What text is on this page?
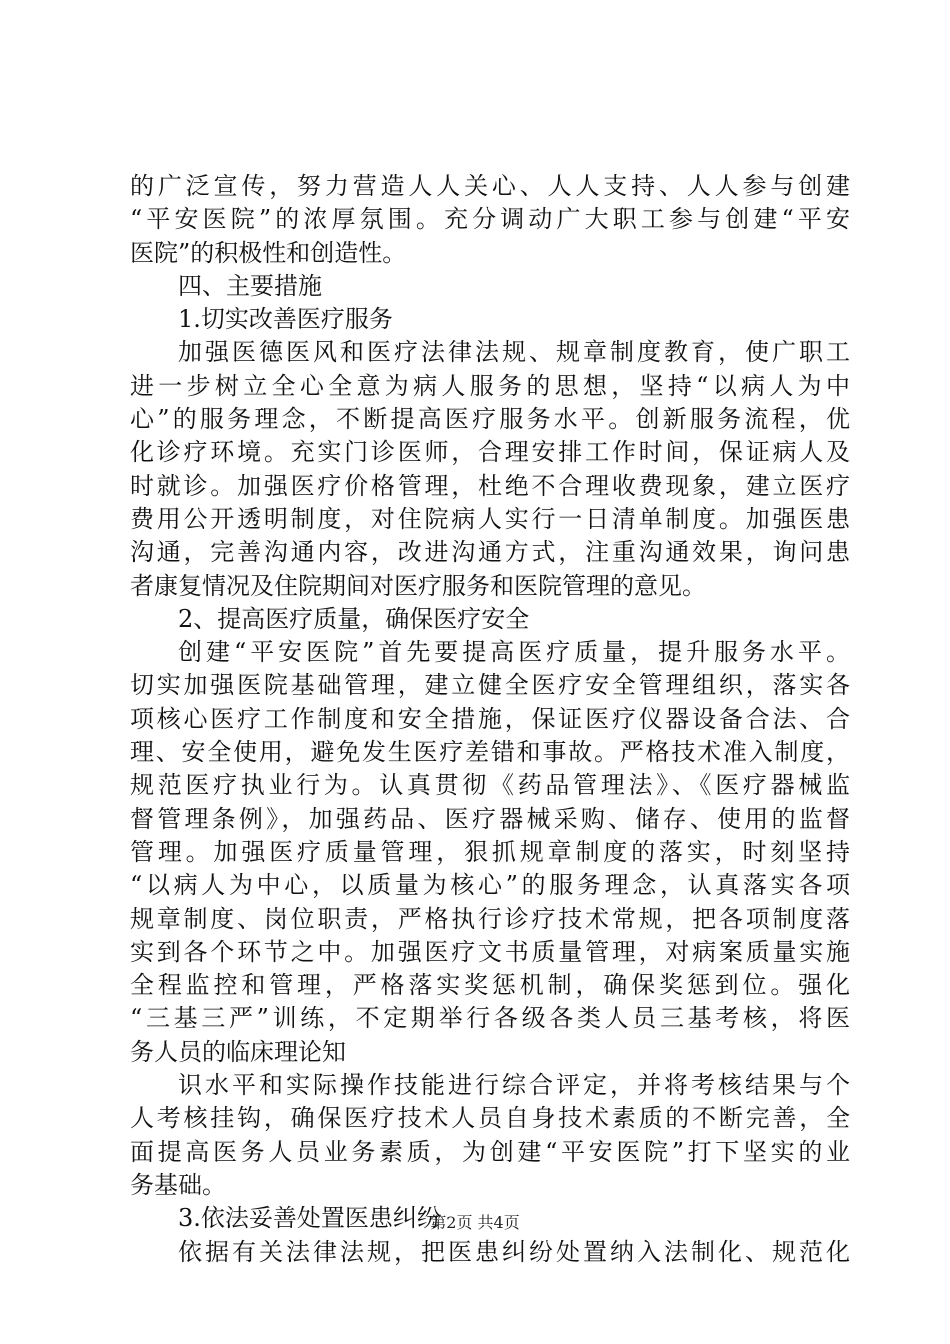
的广泛宣传，努力营造人人关心、人人支持、人人参与创建
“平安医院”的浓厚氛围。充分调动广大职工参与创建“平安
医院”的积极性和创造性。
四、主要措施
1.切实改善医疗服务
加强医德医风和医疗法律法规、规章制度教育，使广职工
进一步树立全心全意为病人服务的思想，坚持“以病人为中
心”的服务理念，不断提高医疗服务水平。创新服务流程，优
化诊疗环境。充实门诊医师，合理安排工作时间，保证病人及
时就诊。加强医疗价格管理，杜绝不合理收费现象，建立医疗
费用公开透明制度，对住院病人实行一日清单制度。加强医患
沟通，完善沟通内容，改进沟通方式，注重沟通效果，询问患
者康复情况及住院期间对医疗服务和医院管理的意见。
2、提高医疗质量，确保医疗安全
创建“平安医院”首先要提高医疗质量，提升服务水平。
切实加强医院基础管理，建立健全医疗安全管理组织，落实各
项核心医疗工作制度和安全措施，保证医疗仪器设备合法、合
理、安全使用，避免发生医疗差错和事故。严格技术准入制度，
规范医疗执业行为。认真贯彻《药品管理法》、《医疗器械监
督管理条例》，加强药品、医疗器械采购、储存、使用的监督
管理。加强医疗质量管理，狠抓规章制度的落实，时刻坚持
“以病人为中心，以质量为核心”的服务理念，认真落实各项
规章制度、岗位职责，严格执行诊疗技术常规，把各项制度落
实到各个环节之中。加强医疗文书质量管理，对病案质量实施
全程监控和管理，严格落实奖惩机制，确保奖惩到位。强化
“三基三严”训练，不定期举行各级各类人员三基考核，将医
务人员的临床理论知
识水平和实际操作技能进行综合评定，并将考核结果与个
人考核挂钩，确保医疗技术人员自身技术素质的不断完善，全
面提高医务人员业务素质，为创建“平安医院”打下坚实的业
务基础。
3.依法妥善处置医患纠纷
依据有关法律法规，把医患纠纷处置纳入法制化、规范化
第2页 共4页
